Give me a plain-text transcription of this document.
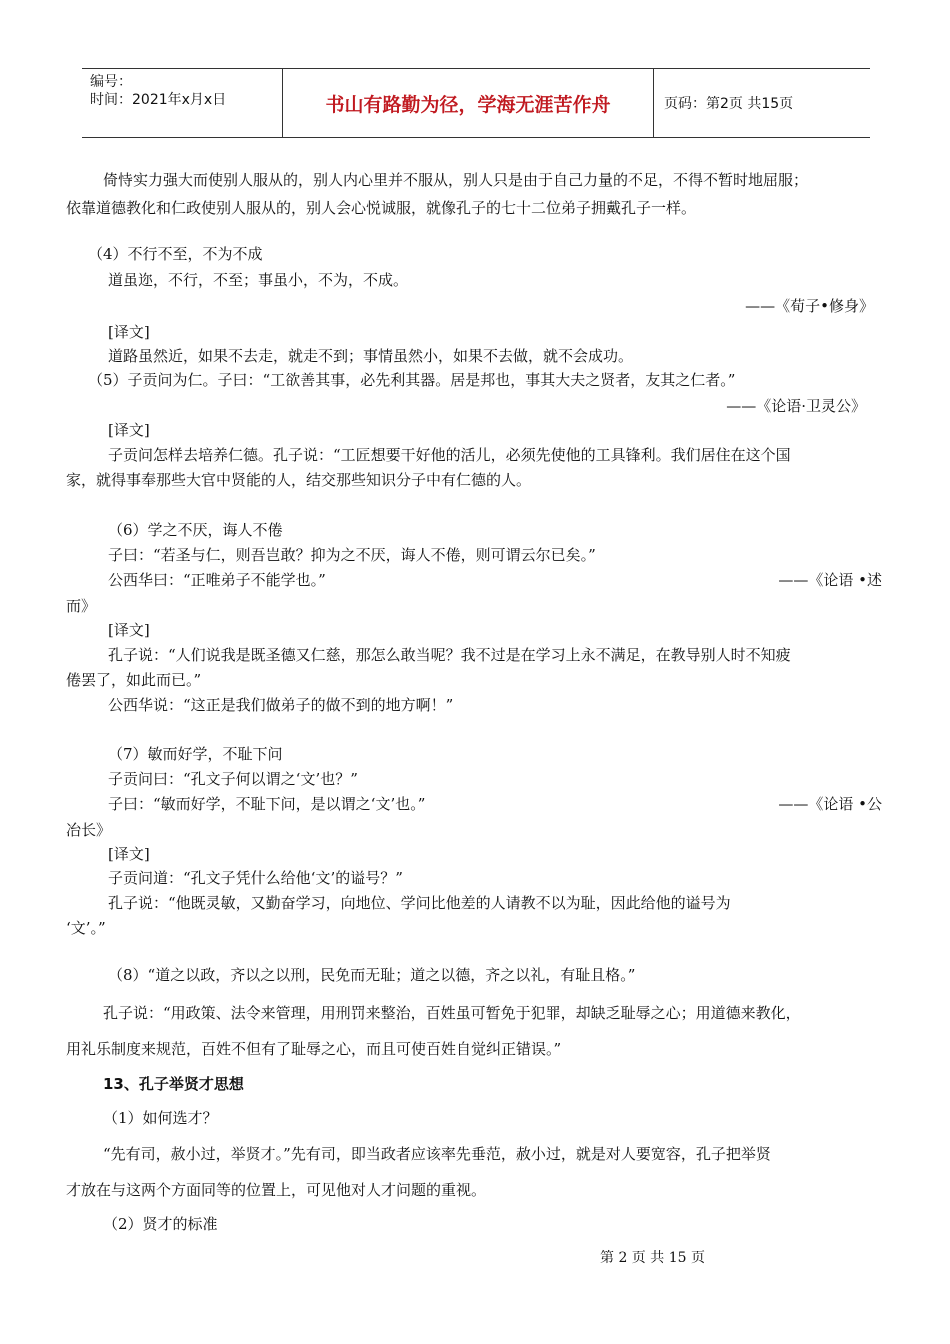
编号：
时间：2021年x月x日	书山有路勤为径，学海无涯苦作舟	页码：第2页 共15页
倚恃实力强大而使别人服从的，别人内心里并不服从，别人只是由于自己力量的不足，不得不暂时地屈服；
依靠道德教化和仁政使别人服从的，别人会心悦诚服，就像孔子的七十二位弟子拥戴孔子一样。
（4）不行不至，不为不成
道虽迩，不行，不至；事虽小，不为，不成。
——《荀子•修身》
[译文]
道路虽然近，如果不去走，就走不到；事情虽然小，如果不去做，就不会成功。
（5）子贡问为仁。子曰：“工欲善其事，必先利其器。居是邦也，事其大夫之贤者，友其之仁者。”
——《论语·卫灵公》
[译文]
子贡问怎样去培养仁德。孔子说：“工匠想要干好他的活儿，必须先使他的工具锋利。我们居住在这个国
家，就得事奉那些大官中贤能的人，结交那些知识分子中有仁德的人。
（6）学之不厌，诲人不倦
子曰：“若圣与仁，则吾岂敢？抑为之不厌，诲人不倦，则可谓云尔已矣。”
公西华曰：“正唯弟子不能学也。”	——《论语 •述
而》
[译文]
孔子说：“人们说我是既圣德又仁慈，那怎么敢当呢？我不过是在学习上永不满足，在教导别人时不知疲
倦罢了，如此而已。”
公西华说：“这正是我们做弟子的做不到的地方啊！”
（7）敏而好学，不耻下问
子贡问曰：“孔文子何以谓之‘文’也？”
子曰：“敏而好学，不耻下问，是以谓之‘文’也。”	——《论语 •公
冶长》
[译文]
子贡问道：“孔文子凭什么给他‘文’的谥号？”
孔子说：“他既灵敏，又勤奋学习，向地位、学问比他差的人请教不以为耻，因此给他的谥号为
‘文’。”
（8）“道之以政，齐以之以刑，民免而无耻；道之以德，齐之以礼，有耻且格。”
孔子说：“用政策、法令来管理，用刑罚来整治，百姓虽可暂免于犯罪，却缺乏耻辱之心；用道德来教化，
用礼乐制度来规范，百姓不但有了耻辱之心，而且可使百姓自觉纠正错误。”
13、孔子举贤才思想
（1）如何选才？
“先有司，赦小过，举贤才。”先有司，即当政者应该率先垂范，赦小过，就是对人要宽容，孔子把举贤
才放在与这两个方面同等的位置上，可见他对人才问题的重视。
（2）贤才的标准
第 2 页 共 15 页
